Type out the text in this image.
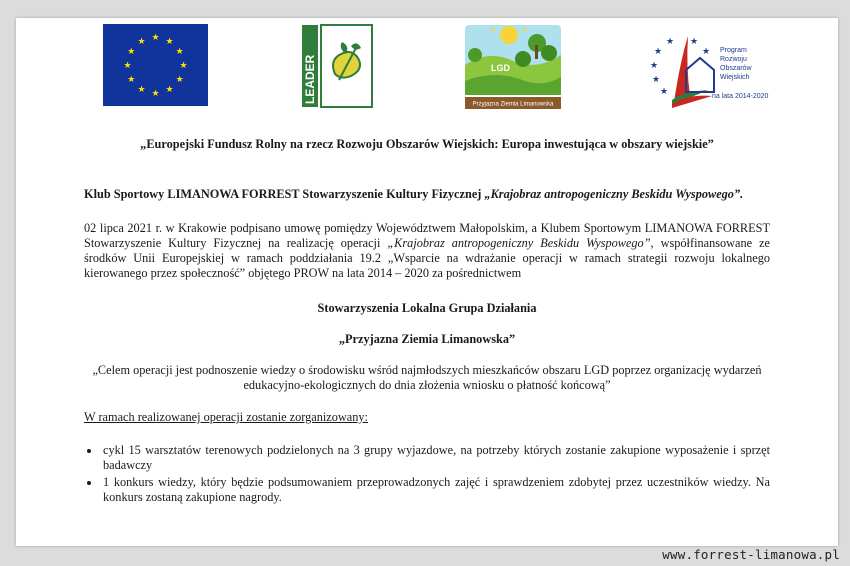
★ ★
★
★
★
★
★
★
★
★
★
★
LEADER	LGD
Przyjazna Ziemia Limanowska
★
★
★
★
★
★
★ Program
Rozwoju
Obszarów
Wiejskich
na lata 2014-2020
„Europejski Fundusz Rolny na rzecz Rozwoju Obszarów Wiejskich: Europa inwestująca w obszary wiejskie”
Klub Sportowy LIMANOWA FORREST Stowarzyszenie Kultury Fizycznej „Krajobraz antropogeniczny Beskidu Wyspowego”.
02 lipca 2021 r. w Krakowie podpisano umowę pomiędzy Województwem Małopolskim, a Klubem Sportowym LIMANOWA FORREST Stowarzyszenie Kultury Fizycznej na realizację operacji „Krajobraz antropogeniczny Beskidu Wyspowego”, współfinansowane ze środków Unii Europejskiej w ramach poddziałania 19.2 „Wsparcie na wdrażanie operacji w ramach strategii rozwoju lokalnego kierowanego przez społeczność” objętego PROW na lata 2014 – 2020 za pośrednictwem
Stowarzyszenia Lokalna Grupa Działania
„Przyjazna Ziemia Limanowska”
„Celem operacji jest podnoszenie wiedzy o środowisku wśród najmłodszych mieszkańców obszaru LGD poprzez organizację wydarzeń edukacyjno-ekologicznych do dnia złożenia wniosku o płatność końcową”
W ramach realizowanej operacji zostanie zorganizowany:
• cykl 15 warsztatów terenowych podzielonych na 3 grupy wyjazdowe, na potrzeby których zostanie zakupione wyposażenie i sprzęt badawczy
• 1 konkurs wiedzy, który będzie podsumowaniem przeprowadzonych zajęć i sprawdzeniem zdobytej przez uczestników wiedzy. Na konkurs zostaną zakupione nagrody.
www.forrest-limanowa.pl
